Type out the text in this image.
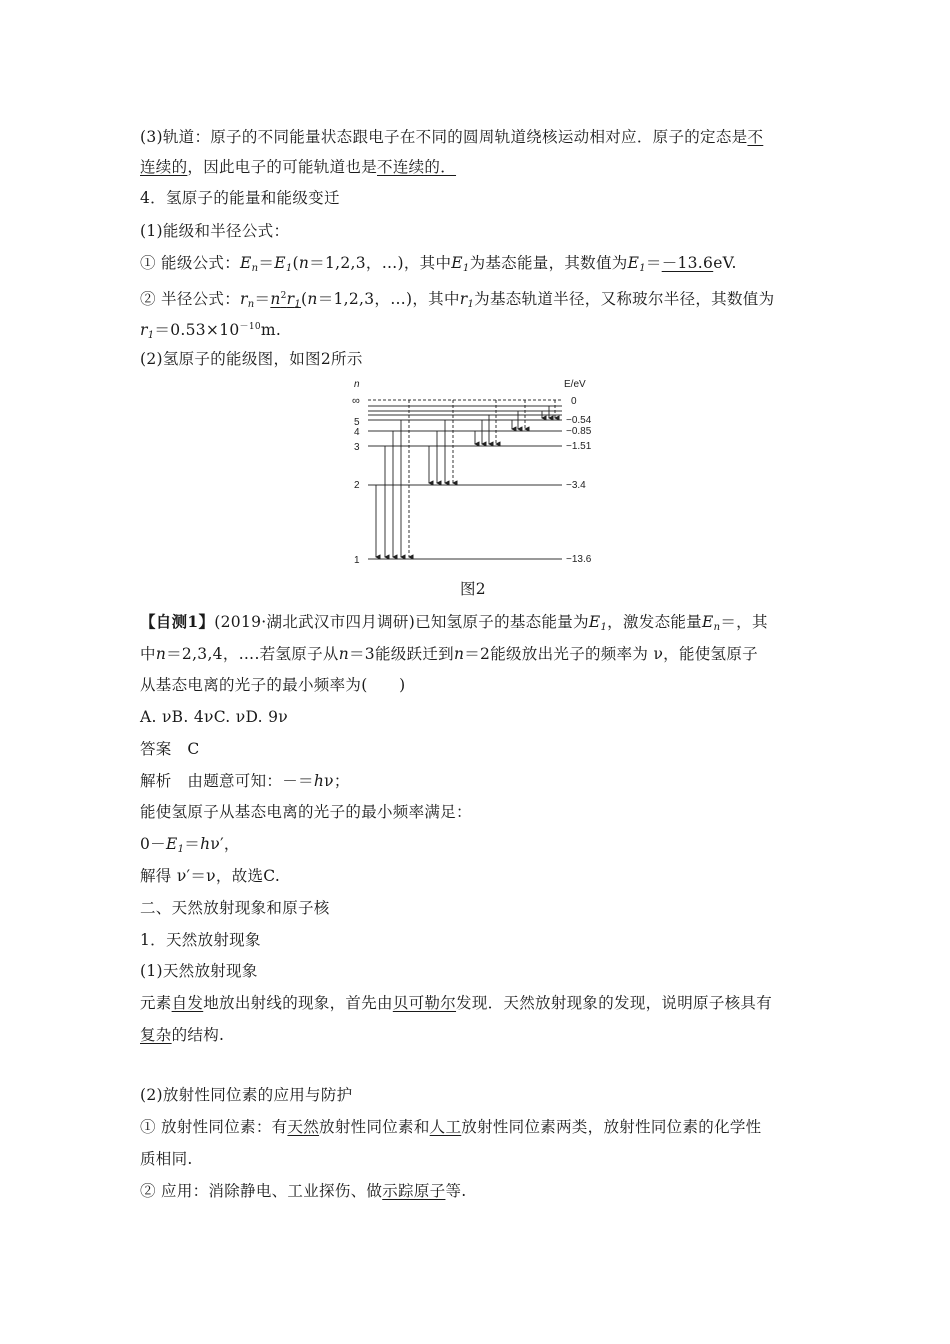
(3)轨道：原子的不同能量状态跟电子在不同的圆周轨道绕核运动相对应．原子的定态是不
连续的，因此电子的可能轨道也是不连续的．
4．氢原子的能量和能级变迁
(1)能级和半径公式：
① 能级公式：$E_n=E_1(n=1,2,3$，…)，其中$E_1$为基态能量，其数值为$E_1=-13.6eV$.
② 半径公式：$r_n=n^2r_1(n=1,2,3$，…)，其中$r_1$为基态轨道半径，又称玻尔半径，其数值为
$r_1=0.53\times 10^{-10}m$.
(2)氢原子的能级图，如图2所示
n	E/eV
∞
5
4
3
2
1
0
−0.54
−0.85
−1.51
−3.4
−13.6
图2
【自测1】(2019·湖北武汉市四月调研)已知氢原子的基态能量为$E_1$，激发态能量$E_n=$，其
中n＝2,3,4，….若氢原子从n＝3能级跃迁到n＝2能级放出光子的频率为 ν，能使氢原子
从基态电离的光子的最小频率为(　　)
A. νB. 4νC. νD. 9ν
答案　C
解析　由题意可知：－＝hν；
能使氢原子从基态电离的光子的最小频率满足：
$0-E_1=h\nu'$，
解得 ν′＝ν，故选C.
二、天然放射现象和原子核
1．天然放射现象
(1)天然放射现象
元素自发地放出射线的现象，首先由贝可勒尔发现．天然放射现象的发现，说明原子核具有
复杂的结构.
(2)放射性同位素的应用与防护
① 放射性同位素：有天然放射性同位素和人工放射性同位素两类，放射性同位素的化学性
质相同.
② 应用：消除静电、工业探伤、做示踪原子等.
